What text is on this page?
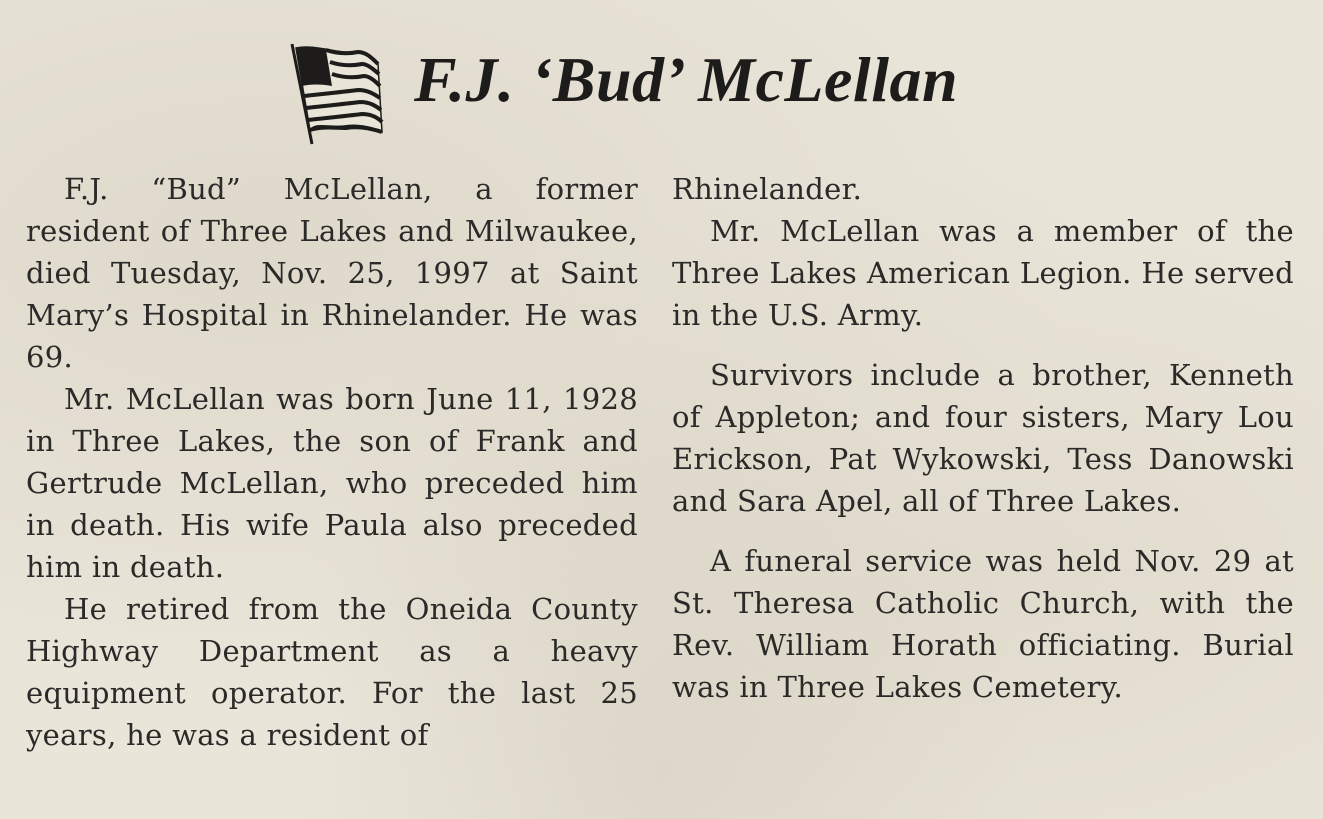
F.J. ‘Bud’ McLellan

F.J. “Bud” McLellan, a former resident of Three Lakes and Milwaukee, died Tuesday, Nov. 25, 1997 at Saint Mary’s Hospital in Rhinelander. He was 69.

Mr. McLellan was born June 11, 1928 in Three Lakes, the son of Frank and Gertrude McLellan, who preceded him in death. His wife Paula also preceded him in death.

He retired from the Oneida County Highway Department as a heavy equipment operator. For the last 25 years, he was a resident of

Rhinelander.

Mr. McLellan was a member of the Three Lakes American Legion. He served in the U.S. Army.

Survivors include a brother, Kenneth of Appleton; and four sisters, Mary Lou Erickson, Pat Wykowski, Tess Danowski and Sara Apel, all of Three Lakes.

A funeral service was held Nov. 29 at St. Theresa Catholic Church, with the Rev. William Horath officiating. Burial was in Three Lakes Cemetery.
